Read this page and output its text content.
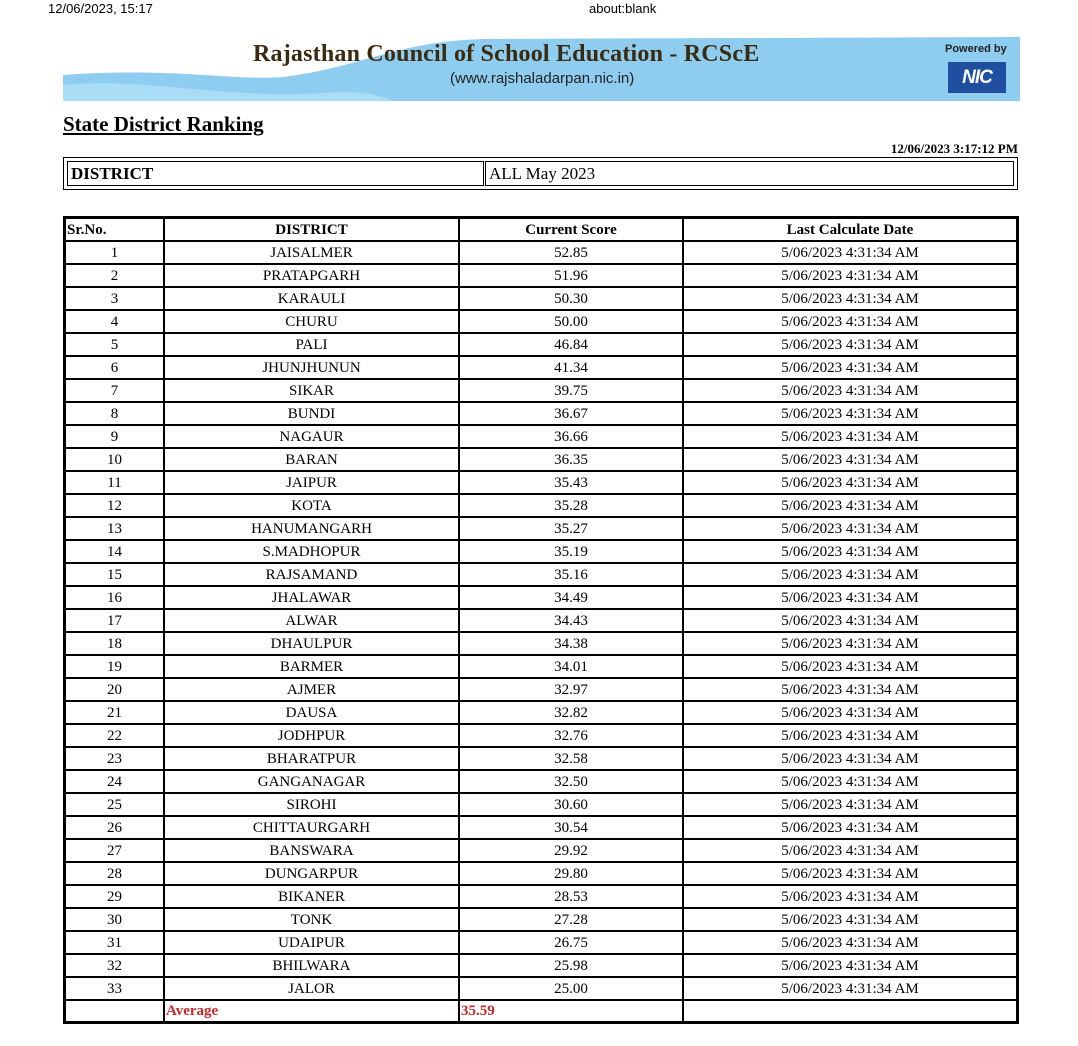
12/06/2023, 15:17	about:blank
Rajasthan Council of School Education - RCScE
(www.rajshaladarpan.nic.in)
Powered by
NIC
State District Ranking
12/06/2023 3:17:12 PM
DISTRICT	ALL May 2023
Sr.No.	DISTRICT	Current Score	Last Calculate Date
1	JAISALMER	52.85	5/06/2023 4:31:34 AM
2	PRATAPGARH	51.96	5/06/2023 4:31:34 AM
3	KARAULI	50.30	5/06/2023 4:31:34 AM
4	CHURU	50.00	5/06/2023 4:31:34 AM
5	PALI	46.84	5/06/2023 4:31:34 AM
6	JHUNJHUNUN	41.34	5/06/2023 4:31:34 AM
7	SIKAR	39.75	5/06/2023 4:31:34 AM
8	BUNDI	36.67	5/06/2023 4:31:34 AM
9	NAGAUR	36.66	5/06/2023 4:31:34 AM
10	BARAN	36.35	5/06/2023 4:31:34 AM
11	JAIPUR	35.43	5/06/2023 4:31:34 AM
12	KOTA	35.28	5/06/2023 4:31:34 AM
13	HANUMANGARH	35.27	5/06/2023 4:31:34 AM
14	S.MADHOPUR	35.19	5/06/2023 4:31:34 AM
15	RAJSAMAND	35.16	5/06/2023 4:31:34 AM
16	JHALAWAR	34.49	5/06/2023 4:31:34 AM
17	ALWAR	34.43	5/06/2023 4:31:34 AM
18	DHAULPUR	34.38	5/06/2023 4:31:34 AM
19	BARMER	34.01	5/06/2023 4:31:34 AM
20	AJMER	32.97	5/06/2023 4:31:34 AM
21	DAUSA	32.82	5/06/2023 4:31:34 AM
22	JODHPUR	32.76	5/06/2023 4:31:34 AM
23	BHARATPUR	32.58	5/06/2023 4:31:34 AM
24	GANGANAGAR	32.50	5/06/2023 4:31:34 AM
25	SIROHI	30.60	5/06/2023 4:31:34 AM
26	CHITTAURGARH	30.54	5/06/2023 4:31:34 AM
27	BANSWARA	29.92	5/06/2023 4:31:34 AM
28	DUNGARPUR	29.80	5/06/2023 4:31:34 AM
29	BIKANER	28.53	5/06/2023 4:31:34 AM
30	TONK	27.28	5/06/2023 4:31:34 AM
31	UDAIPUR	26.75	5/06/2023 4:31:34 AM
32	BHILWARA	25.98	5/06/2023 4:31:34 AM
33	JALOR	25.00	5/06/2023 4:31:34 AM
	Average	35.59	
